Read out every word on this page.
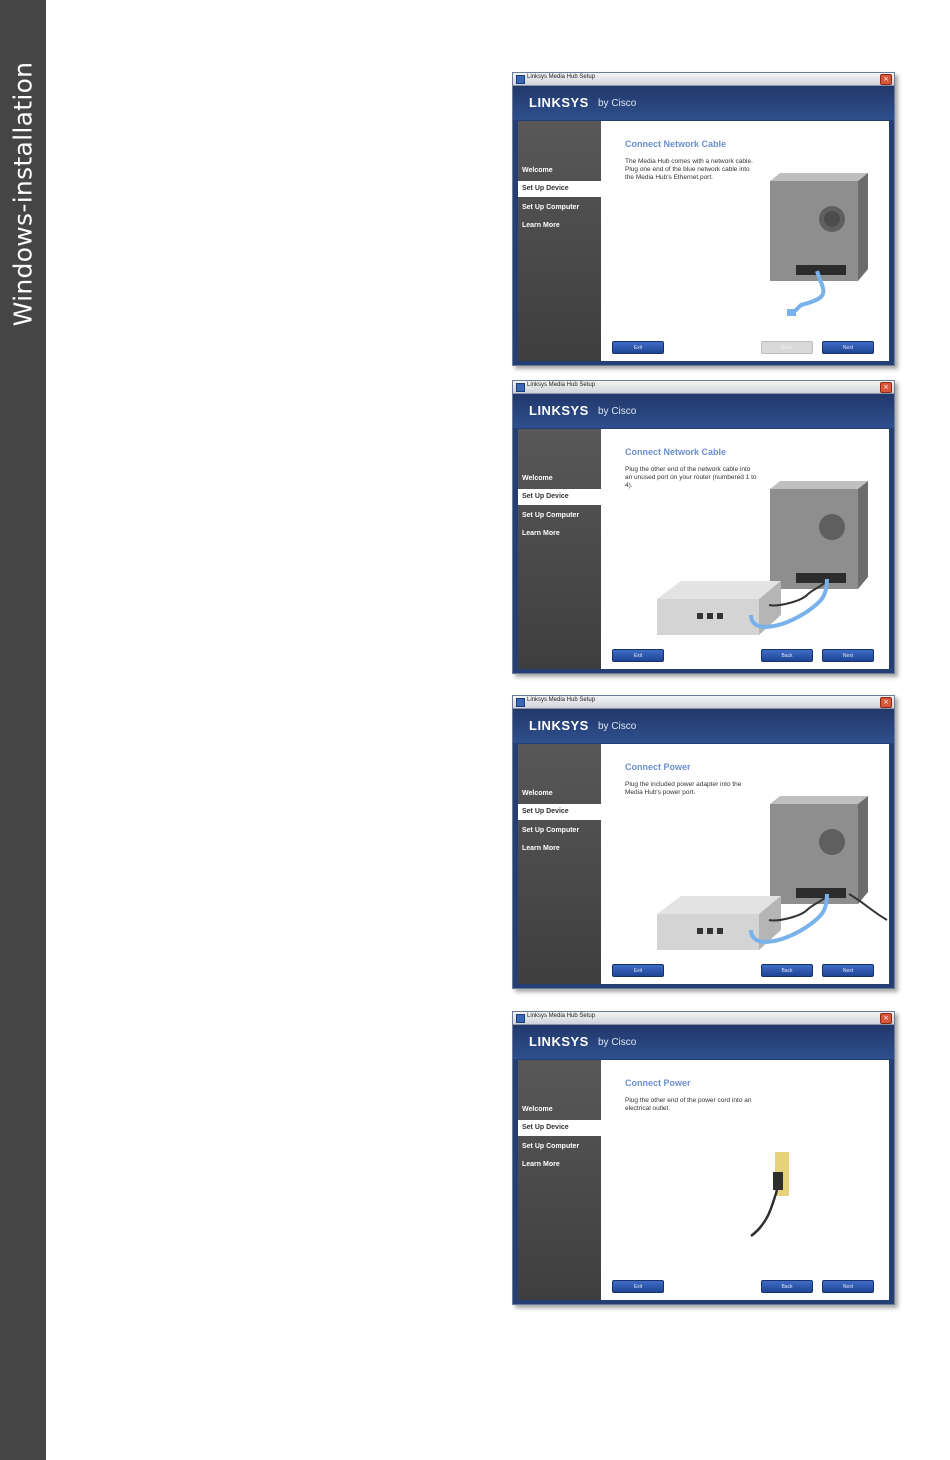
Windows-installation	Linksys Media Hub Setup	×
LINKSYS by Cisco
Welcome
Set Up Device
Set Up Computer
Learn More
Connect Network Cable
The Media Hub comes with a network cable. Plug one end of the blue network cable into the Media Hub's Ethernet port.
Exit	Back	Next
Linksys Media Hub Setup	×
LINKSYS by Cisco
Welcome
Set Up Device
Set Up Computer
Learn More
Connect Network Cable
Plug the other end of the network cable into an unused port on your router (numbered 1 to 4).
Exit	Back	Next
Linksys Media Hub Setup	×
LINKSYS by Cisco
Welcome
Set Up Device
Set Up Computer
Learn More
Connect Power
Plug the included power adapter into the Media Hub's power port.
Exit	Back	Next
Linksys Media Hub Setup	×
LINKSYS by Cisco
Welcome
Set Up Device
Set Up Computer
Learn More
Connect Power
Plug the other end of the power cord into an electrical outlet.
Exit	Back	Next
